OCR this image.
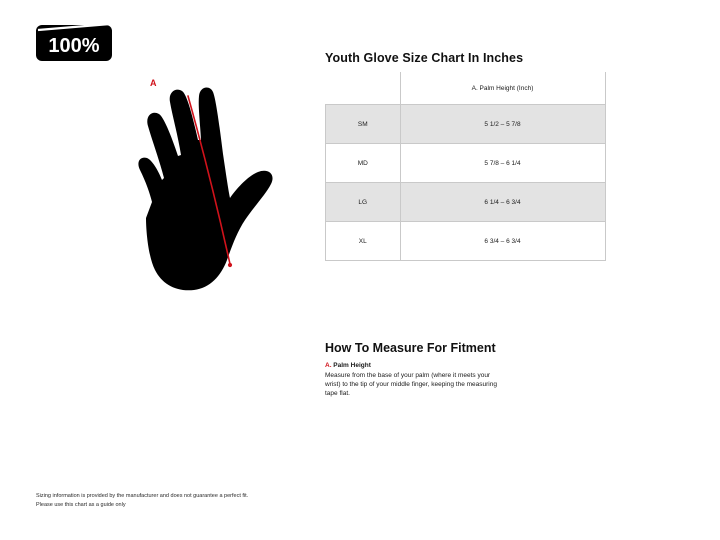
100%
A
Youth Glove Size Chart In Inches
	A. Palm Height (Inch)
SM	5 1/2 – 5 7/8
MD	5 7/8 – 6 1/4
LG	6 1/4 – 6 3/4
XL	6 3/4 – 6 3/4
How To Measure For Fitment
A. Palm Height

Measure from the base of your palm (where it meets your wrist) to the tip of your middle finger, keeping the measuring tape flat.

Sizing information is provided by the manufacturer and does not guarantee a perfect fit.
Please use this chart as a guide only
